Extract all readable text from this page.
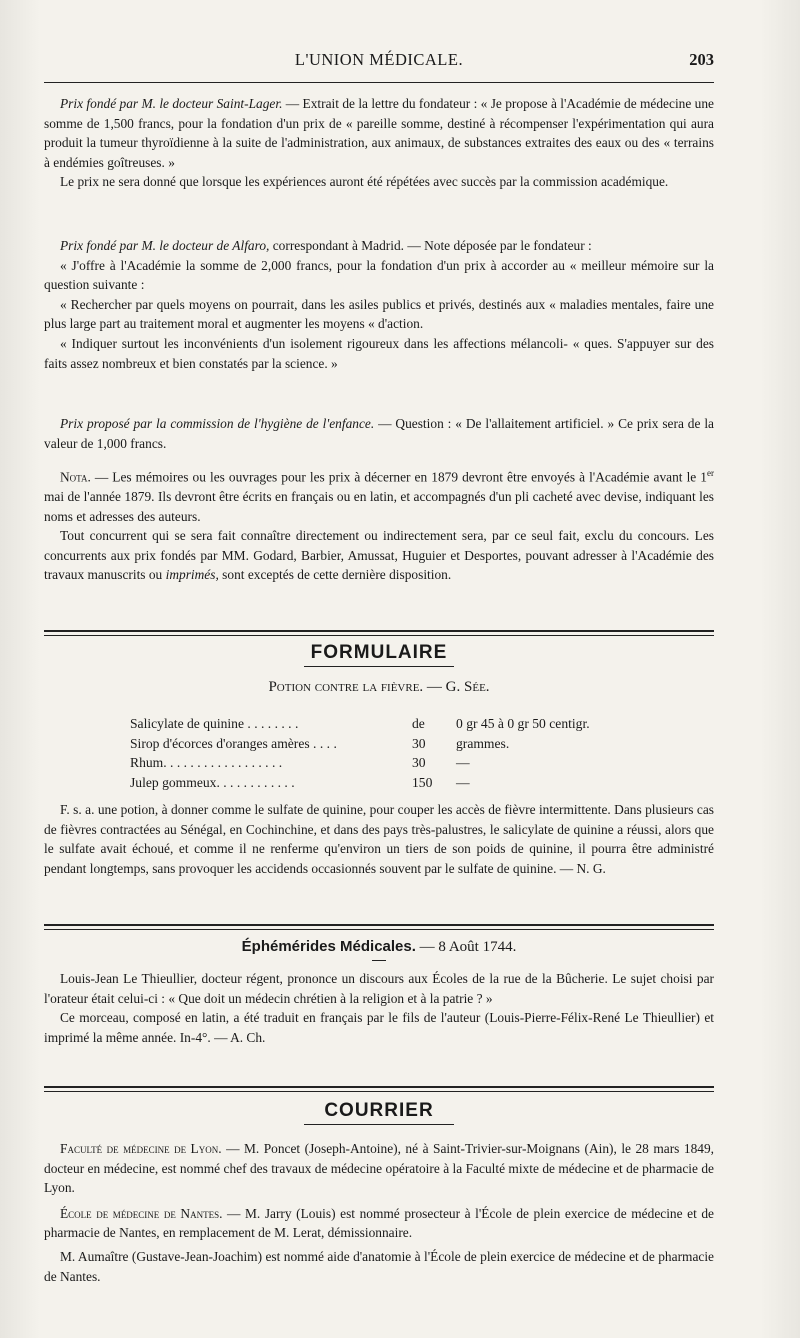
L'UNION MÉDICALE.	203

Prix fondé par M. le docteur Saint-Lager. — Extrait de la lettre du fondateur : « Je propose à l'Académie de médecine une somme de 1,500 francs, pour la fondation d'un prix de « pareille somme, destiné à récompenser l'expérimentation qui aura produit la tumeur thyroïdienne à la suite de l'administration, aux animaux, de substances extraites des eaux ou des « terrains à endémies goîtreuses. »

Le prix ne sera donné que lorsque les expériences auront été répétées avec succès par la commission académique.

Prix fondé par M. le docteur de Alfaro, correspondant à Madrid. — Note déposée par le fondateur :

« J'offre à l'Académie la somme de 2,000 francs, pour la fondation d'un prix à accorder au « meilleur mémoire sur la question suivante :

« Rechercher par quels moyens on pourrait, dans les asiles publics et privés, destinés aux « maladies mentales, faire une plus large part au traitement moral et augmenter les moyens « d'action.

« Indiquer surtout les inconvénients d'un isolement rigoureux dans les affections mélancoli- « ques. S'appuyer sur des faits assez nombreux et bien constatés par la science. »

Prix proposé par la commission de l'hygiène de l'enfance. — Question : « De l'allaitement artificiel. » Ce prix sera de la valeur de 1,000 francs.

Nota. — Les mémoires ou les ouvrages pour les prix à décerner en 1879 devront être envoyés à l'Académie avant le 1er mai de l'année 1879. Ils devront être écrits en français ou en latin, et accompagnés d'un pli cacheté avec devise, indiquant les noms et adresses des auteurs.

Tout concurrent qui se sera fait connaître directement ou indirectement sera, par ce seul fait, exclu du concours. Les concurrents aux prix fondés par MM. Godard, Barbier, Amussat, Huguier et Desportes, pouvant adresser à l'Académie des travaux manuscrits ou imprimés, sont exceptés de cette dernière disposition.

FORMULAIRE
Potion contre la fièvre. — G. Sée.
Salicylate de quinine . . . . . . . .	de 0 gr 45 à 0 gr 50 centigr.
Sirop d'écorces d'oranges amères . . . .	30 grammes.
Rhum. . . . . . . . . . . . . . . . . .	30 —
Julep gommeux. . . . . . . . . . . .	150 —

F. s. a. une potion, à donner comme le sulfate de quinine, pour couper les accès de fièvre intermittente. Dans plusieurs cas de fièvres contractées au Sénégal, en Cochinchine, et dans des pays très-palustres, le salicylate de quinine a réussi, alors que le sulfate avait échoué, et comme il ne renferme qu'environ un tiers de son poids de quinine, il pourra être administré pendant longtemps, sans provoquer les accidends occasionnés souvent par le sulfate de quinine. — N. G.

Éphémérides Médicales. — 8 Août 1744.

Louis-Jean Le Thieullier, docteur régent, prononce un discours aux Écoles de la rue de la Bûcherie. Le sujet choisi par l'orateur était celui-ci : « Que doit un médecin chrétien à la religion et à la patrie ? »

Ce morceau, composé en latin, a été traduit en français par le fils de l'auteur (Louis-Pierre-Félix-René Le Thieullier) et imprimé la même année. In-4°. — A. Ch.

COURRIER

Faculté de médecine de Lyon. — M. Poncet (Joseph-Antoine), né à Saint-Trivier-sur-Moignans (Ain), le 28 mars 1849, docteur en médecine, est nommé chef des travaux de médecine opératoire à la Faculté mixte de médecine et de pharmacie de Lyon.

École de médecine de Nantes. — M. Jarry (Louis) est nommé prosecteur à l'École de plein exercice de médecine et de pharmacie de Nantes, en remplacement de M. Lerat, démissionnaire.

M. Aumaître (Gustave-Jean-Joachim) est nommé aide d'anatomie à l'École de plein exercice de médecine et de pharmacie de Nantes.
